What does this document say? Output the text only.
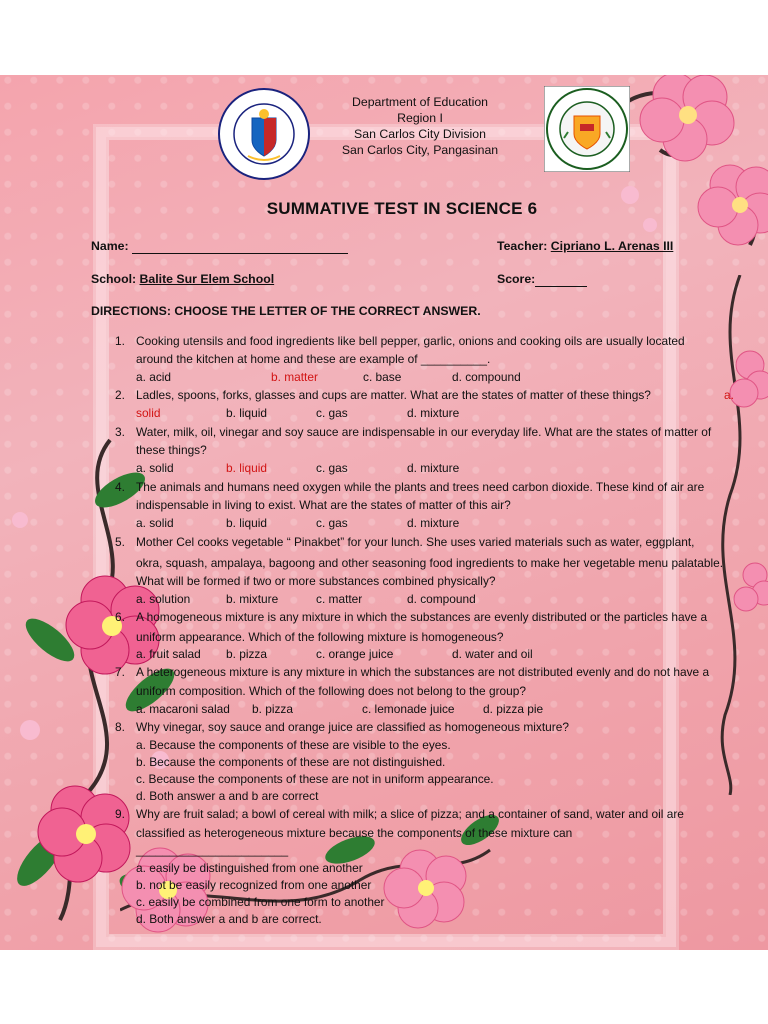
Department of Education
Region I
San Carlos City Division
San Carlos City, Pangasinan
SUMMATIVE TEST IN SCIENCE 6
Name:	Teacher: Cipriano L. Arenas III
School: Balite Sur Elem School	Score:
DIRECTIONS: CHOOSE THE LETTER OF THE CORRECT ANSWER.
1. Cooking utensils and food ingredients like bell pepper, garlic, onions and cooking oils are usually located
around the kitchen at home and these are example of __________.
a. acid	b. matter	c. base	d. compound
2. Ladles, spoons, forks, glasses and cups are matter. What are the states of matter of these things?	a.
solid	b. liquid	c. gas	d. mixture
3. Water, milk, oil, vinegar and soy sauce are indispensable in our everyday life. What are the states of matter of
these things?
a. solid	b. liquid	c. gas	d. mixture
4. The animals and humans need oxygen while the plants and trees need carbon dioxide. These kind of air are
indispensable in living to exist. What are the states of matter of this air?
a. solid	b. liquid	c. gas	d. mixture
5. Mother Cel cooks vegetable “ Pinakbet” for your lunch. She uses varied materials such as water, eggplant,
okra, squash, ampalaya, bagoong and other seasoning food ingredients to make her vegetable menu palatable.
What will be formed if two or more substances combined physically?
a. solution	b. mixture	c. matter	d. compound
6. A homogeneous mixture is any mixture in which the substances are evenly distributed or the particles have a
uniform appearance. Which of the following mixture is homogeneous?
a. fruit salad b. pizza	c. orange juice	d. water and oil
7. A heterogeneous mixture is any mixture in which the substances are not distributed evenly and do not have a
uniform composition. Which of the following does not belong to the group?
a. macaroni salad b. pizza	c. lemonade juice d. pizza pie
8. Why vinegar, soy sauce and orange juice are classified as homogeneous mixture?
a. Because the components of these are visible to the eyes.
b. Because the components of these are not distinguished.
c. Because the components of these are not in uniform appearance.
d. Both answer a and b are correct
9. Why are fruit salad; a bowl of cereal with milk; a slice of pizza; and a container of sand, water and oil are
classified as heterogeneous mixture because the components of these mixture can
_______________________
a. easily be distinguished from one another
b. not be easily recognized from one another
c. easily be combined from one form to another
d. Both answer a and b are correct.
